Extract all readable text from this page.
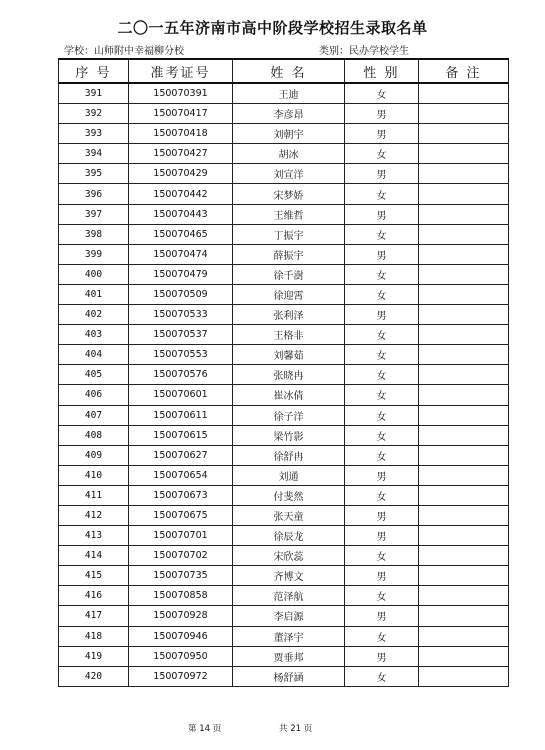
二〇一五年济南市高中阶段学校招生录取名单
学校：山师附中幸福柳分校	类别：民办学校学生
序 号	准考证号	姓 名	性 别	备 注
391	150070391	王迪	女	
392	150070417	李彦昂	男	
393	150070418	刘朝宇	男	
394	150070427	胡冰	女	
395	150070429	刘宣洋	男	
396	150070442	宋梦娇	女	
397	150070443	王维哲	男	
398	150070465	丁振宇	女	
399	150070474	薛振宇	男	
400	150070479	徐千澍	女	
401	150070509	徐迎霄	女	
402	150070533	张利泽	男	
403	150070537	王格非	女	
404	150070553	刘馨茹	女	
405	150070576	张晓冉	女	
406	150070601	崔冰倩	女	
407	150070611	徐子洋	女	
408	150070615	梁竹影	女	
409	150070627	徐舒冉	女	
410	150070654	刘通	男	
411	150070673	付斐然	女	
412	150070675	张天童	男	
413	150070701	徐辰龙	男	
414	150070702	宋欣蕊	女	
415	150070735	齐博文	男	
416	150070858	范泽航	女	
417	150070928	李启源	男	
418	150070946	董泽宇	女	
419	150070950	贾垂邦	男	
420	150070972	杨舒涵	女	
第 14 页	共 21 页
